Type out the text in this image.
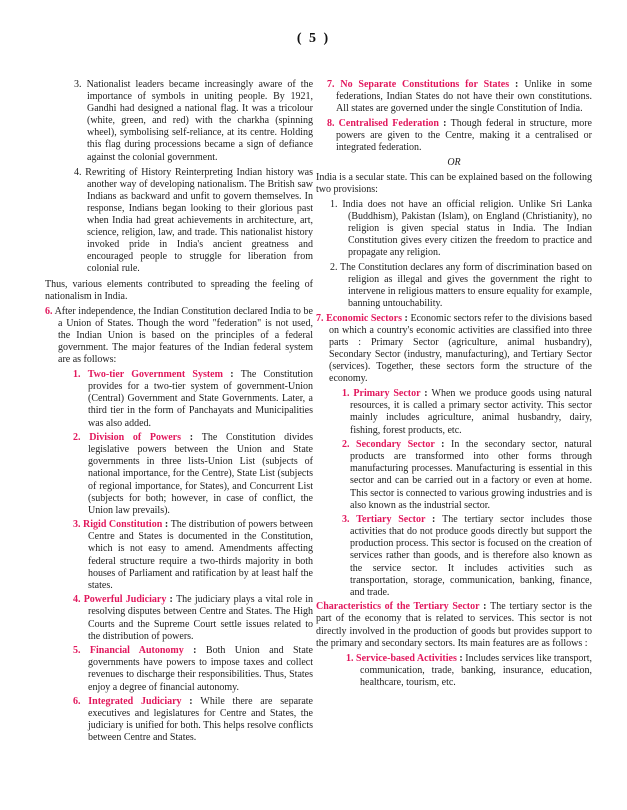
( 5 )
3. Nationalist leaders became increasingly aware of the importance of symbols in uniting people. By 1921, Gandhi had designed a national flag. It was a tricolour (white, green, and red) with the charkha (spinning wheel), symbolising self-reliance, at its centre. Holding this flag during processions became a sign of defiance against the colonial government.
4. Rewriting of History Reinterpreting Indian history was another way of developing nationalism. The British saw Indians as backward and unfit to govern themselves. In response, Indians began looking to their glorious past when India had great achievements in architecture, art, science, religion, law, and trade. This nationalist history invoked pride in India's ancient greatness and encouraged people to struggle for liberation from colonial rule.
Thus, various elements contributed to spreading the feeling of nationalism in India.
6. After independence, the Indian Constitution declared India to be a Union of States. Though the word "federation" is not used, the Indian Union is based on the principles of a federal government. The major features of the Indian federal system are as follows:
1. Two-tier Government System : The Constitution provides for a two-tier system of government-Union (Central) Government and State Governments. Later, a third tier in the form of Panchayats and Municipalities was also added.
2. Division of Powers : The Constitution divides legislative powers between the Union and State governments in three lists-Union List (subjects of national importance, for the Centre), State List (subjects of regional importance, for States), and Concurrent List (subjects for both; however, in case of conflict, the Union law prevails).
3. Rigid Constitution : The distribution of powers between Centre and States is documented in the Constitution, which is not easy to amend. Amendments affecting federal structure require a two-thirds majority in both houses of Parliament and ratification by at least half the states.
4. Powerful Judiciary : The judiciary plays a vital role in resolving disputes between Centre and States. The High Courts and the Supreme Court settle issues related to the distribution of powers.
5. Financial Autonomy : Both Union and State governments have powers to impose taxes and collect revenues to discharge their responsibilities. Thus, States enjoy a degree of financial autonomy.
6. Integrated Judiciary : While there are separate executives and legislatures for Centre and States, the judiciary is unified for both. This helps resolve conflicts between Centre and States.
7. No Separate Constitutions for States : Unlike in some federations, Indian States do not have their own constitutions. All states are governed under the single Constitution of India.
8. Centralised Federation : Though federal in structure, more powers are given to the Centre, making it a centralised or integrated federation.
OR
India is a secular state. This can be explained based on the following two provisions:
1. India does not have an official religion. Unlike Sri Lanka (Buddhism), Pakistan (Islam), on England (Christianity), no religion is given special status in India. The Indian Constitution gives every citizen the freedom to practice and propagate any religion.
2. The Constitution declares any form of discrimination based on religion as illegal and gives the government the right to intervene in religious matters to ensure equality for example, banning untouchability.
7. Economic Sectors : Economic sectors refer to the divisions based on which a country's economic activities are classified into three parts : Primary Sector (agriculture, animal husbandry), Secondary Sector (industry, manufacturing), and Tertiary Sector (services). Together, these sectors form the structure of the economy.
1. Primary Sector : When we produce goods using natural resources, it is called a primary sector activity. This sector mainly includes agriculture, animal husbandry, dairy, fishing, forest products, etc.
2. Secondary Sector : In the secondary sector, natural products are transformed into other forms through manufacturing processes. Manufacturing is essential in this sector and can be carried out in a factory or even at home. This sector is connected to various growing industries and is also known as the industrial sector.
3. Tertiary Sector : The tertiary sector includes those activities that do not produce goods directly but support the production process. This sector is focused on the creation of services rather than goods, and is therefore also known as the service sector. It includes activities such as transportation, storage, communication, banking, finance, and trade.
Characteristics of the Tertiary Sector : The tertiary sector is the part of the economy that is related to services. This sector is not directly involved in the production of goods but provides support to the primary and secondary sectors. Its main features are as follows :
1. Service-based Activities : Includes services like transport, communication, trade, banking, insurance, education, healthcare, tourism, etc.
